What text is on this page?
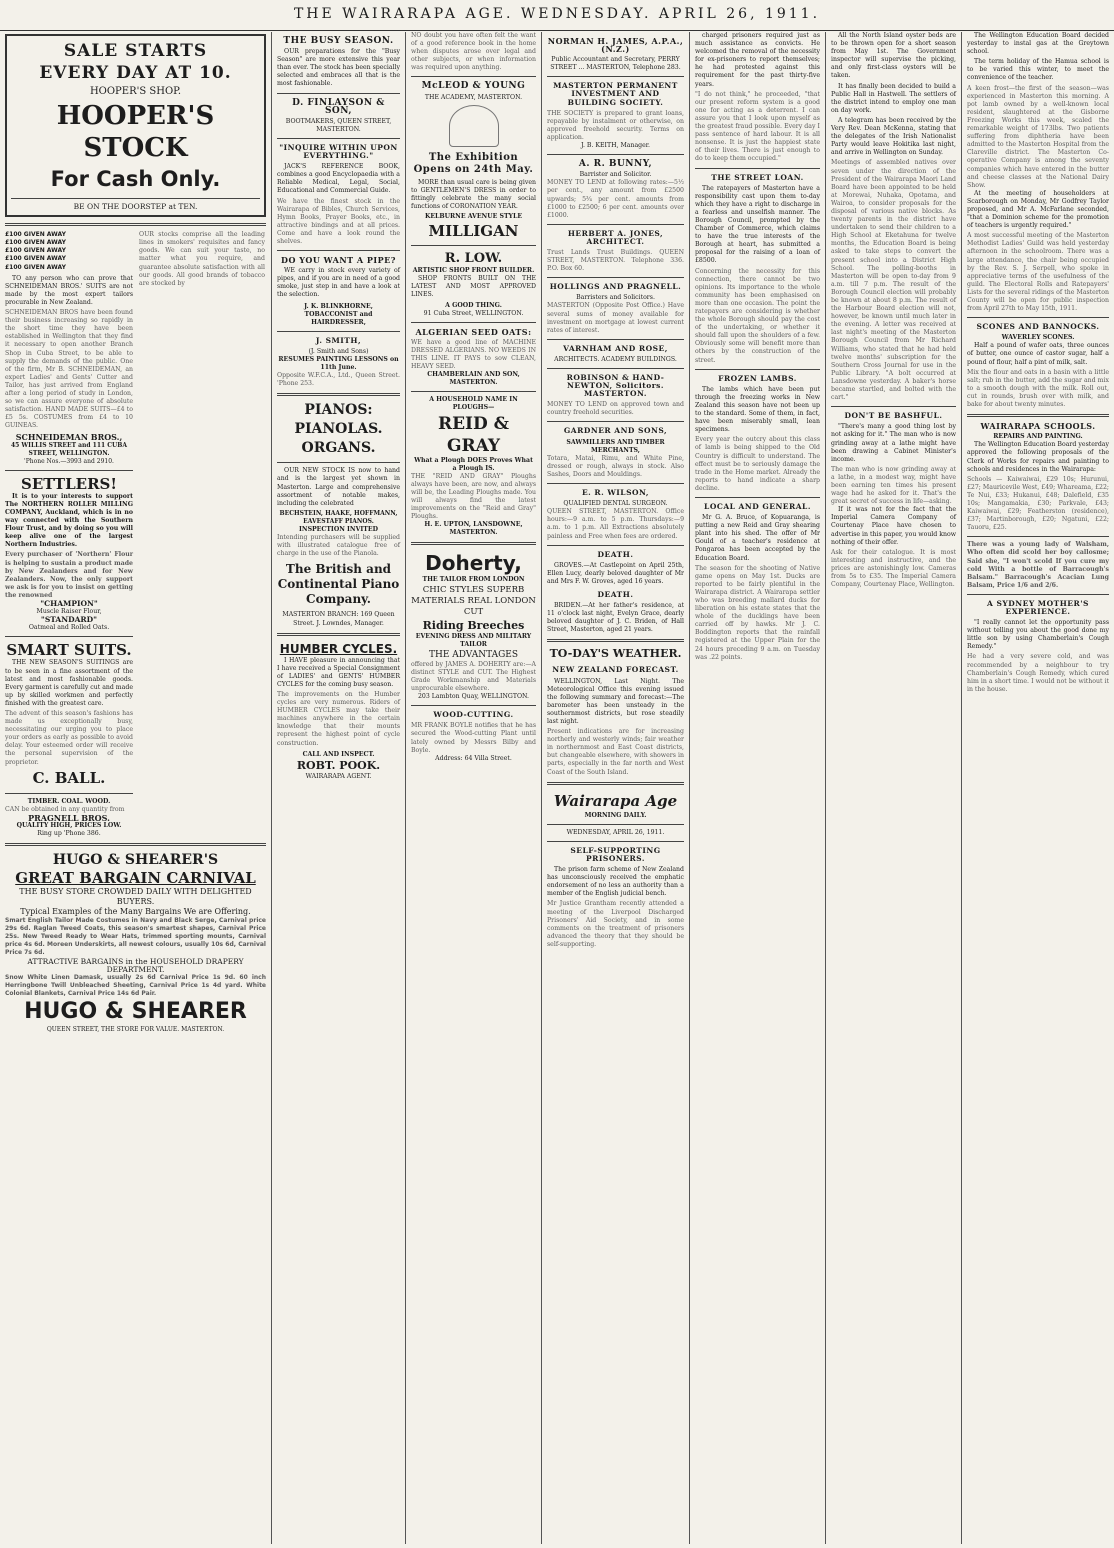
THE WAIRARAPA AGE. WEDNESDAY. APRIL 26, 1911.
SALE STARTS
EVERY DAY AT 10.
HOOPER'S SHOP.
HOOPER'S STOCK
For Cash Only.
BE ON THE DOORSTEP at TEN.
£100 GIVEN AWAY
£100 GIVEN AWAY
£100 GIVEN AWAY
£100 GIVEN AWAY
£100 GIVEN AWAY

TO any person who can prove that SCHNEIDEMAN BROS.' SUITS are not made by the most expert tailors procurable in New Zealand.

SCHNEIDEMAN BROS have been found their business increasing so rapidly in the short time they have been established in Wellington that they find it necessary to open another Branch Shop in Cuba Street, to be able to supply the demands of the public. One of the firm, Mr B. SCHNEIDEMAN, an expert Ladies' and Gents' Cutter and Tailor, has just arrived from England after a long period of study in London, so we can assure everyone of absolute satisfaction. HAND MADE SUITS—£4 to £5 5s. COSTUMES from £4 to 10 GUINEAS.
SCHNEIDEMAN BROS.,
45 WILLIS STREET and 111 CUBA STREET, WELLINGTON.
'Phone Nos.—3993 and 2910.
SETTLERS!

It is to your interests to support The NORTHERN ROLLER MILLING COMPANY, Auckland, which is in no way connected with the Southern Flour Trust, and by doing so you will keep alive one of the largest Northern Industries.

Every purchaser of 'Northern' Flour is helping to sustain a product made by New Zealanders and for New Zealanders. Now, the only support we ask is for you to insist on getting the renowned
"CHAMPION"
Muscle Raiser Flour,
"STANDARD"
Oatmeal and Rolled Oats.
SMART SUITS.

THE NEW SEASON'S SUITINGS are to be seen in a fine assortment of the latest and most fashionable goods. Every garment is carefully cut and made up by skilled workmen and perfectly finished with the greatest care.

The advent of this season's fashions has made us exceptionally busy, necessitating our urging you to place your orders as early as possible to avoid delay. Your esteemed order will receive the personal supervision of the proprietor.
C. BALL.
TIMBER. COAL. WOOD.
CAN be obtained in any quantity from
PRAGNELL BROS.
QUALITY HIGH, PRICES LOW.
Ring up 'Phone 386.
OUR stocks comprise all the leading lines in smokers' requisites and fancy goods. We can suit your taste, no matter what you require, and guarantee absolute satisfaction with all our goods. All good brands of tobacco are stocked by
HUGO & SHEARER'S
GREAT BARGAIN CARNIVAL
THE BUSY STORE CROWDED DAILY WITH DELIGHTED BUYERS.
Typical Examples of the Many Bargains We are Offering.
Smart English Tailor Made Costumes in Navy and Black Serge, Carnival price 29s 6d. Raglan Tweed Coats, this season's smartest shapes, Carnival Price 25s. New Tweed Ready to Wear Hats, trimmed sporting mounts, Carnival price 4s 6d. Moreen Underskirts, all newest colours, usually 10s 6d, Carnival Price 7s 6d.
ATTRACTIVE BARGAINS in the HOUSEHOLD DRAPERY DEPARTMENT.
Snow White Linen Damask, usually 2s 6d Carnival Price 1s 9d. 60 inch Herringbone Twill Unbleached Sheeting, Carnival Price 1s 4d yard. White Colonial Blankets, Carnival Price 14s 6d Pair.
HUGO & SHEARER
QUEEN STREET, THE STORE FOR VALUE. MASTERTON.
THE BUSY SEASON.

OUR preparations for the "Busy Season" are more extensive this year than ever. The stock has been specially selected and embraces all that is the most fashionable.

D. FINLAYSON & SON,
BOOTMAKERS, QUEEN STREET, MASTERTON.
"INQUIRE WITHIN UPON EVERYTHING."

JACK'S REFERENCE BOOK, combines a good Encyclopaedia with a Reliable Medical, Legal, Social, Educational and Commercial Guide.

We have the finest stock in the Wairarapa of Bibles, Church Services, Hymn Books, Prayer Books, etc., in attractive bindings and at all prices. Come and have a look round the shelves.
DO YOU WANT A PIPE?

WE carry in stock every variety of pipes, and if you are in need of a good smoke, just step in and have a look at the selection.

J. K. BLINKHORNE, TOBACCONIST and HAIRDRESSER,
J. SMITH,
(J. Smith and Sons)
RESUMES PAINTING LESSONS on 11th June.
Opposite W.F.C.A., Ltd., Queen Street. 'Phone 253.
PIANOS: PIANOLAS. ORGANS.

OUR NEW STOCK IS now to hand and is the largest yet shown in Masterton. Large and comprehensive assortment of notable makes, including the celebrated

BECHSTEIN, HAAKE, HOFFMANN, EAVESTAFF PIANOS.
INSPECTION INVITED
Intending purchasers will be supplied with illustrated catalogue free of charge in the use of the Pianola.
The British and Continental Piano Company.
MASTERTON BRANCH: 169 Queen Street. J. Lowndes, Manager.
HUMBER CYCLES.

I HAVE pleasure in announcing that I have received a Special Consignment of LADIES' and GENTS' HUMBER CYCLES for the coming busy season.

The improvements on the Humber cycles are very numerous. Riders of HUMBER CYCLES may take their machines anywhere in the certain knowledge that their mounts represent the highest point of cycle construction.
CALL AND INSPECT.
ROBT. POOK.
WAIRARAPA AGENT.
NO doubt you have often felt the want of a good reference book in the home when disputes arose over legal and other subjects, or when information was required upon anything.
McLEOD & YOUNG
THE ACADEMY, MASTERTON.
The Exhibition Opens on 24th May.

MORE than usual care is being given to GENTLEMEN'S DRESS in order to fittingly celebrate the many social functions of CORONATION YEAR.

KELBURNE AVENUE STYLE
MILLIGAN
R. LOW.
ARTISTIC SHOP FRONT BUILDER.

SHOP FRONTS BUILT ON THE LATEST AND MOST APPROVED LINES.

A GOOD THING.
91 Cuba Street, WELLINGTON.
ALGERIAN SEED OATS:
WE have a good line of MACHINE DRESSED ALGERIANS. NO WEEDS IN THIS LINE. IT PAYS to sow CLEAN, HEAVY SEED.
CHAMBERLAIN AND SON, MASTERTON.
A HOUSEHOLD NAME IN PLOUGHS—
REID & GRAY
What a Plough DOES Proves What a Plough IS.
THE "REID AND GRAY" Ploughs always have been, are now, and always will be, the Leading Ploughs made. You will always find the latest improvements on the "Reid and Gray" Ploughs.
H. E. UPTON, LANSDOWNE, MASTERTON.
Doherty,
THE TAILOR FROM LONDON
CHIC STYLES SUPERB MATERIALS REAL LONDON CUT
Riding Breeches
EVENING DRESS AND MILITARY TAILOR
THE ADVANTAGES
offered by JAMES A. DOHERTY are:—A distinct STYLE and CUT. The Highest Grade Workmanship and Materials unprocurable elsewhere.
203 Lambton Quay, WELLINGTON.
WOOD-CUTTING.
MR FRANK BOYLE notifies that he has secured the Wood-cutting Plant until lately owned by Messrs Bilby and Boyle.
Address: 64 Villa Street.
NORMAN H. JAMES, A.P.A., (N.Z.)
Public Accountant and Secretary, PERRY STREET ... MASTERTON, Telephone 283.
MASTERTON PERMANENT INVESTMENT AND BUILDING SOCIETY.
THE SOCIETY is prepared to grant loans, repayable by instalment or otherwise, on approved freehold security. Terms on application.
J. B. KEITH, Manager.
A. R. BUNNY,
Barrister and Solicitor.
MONEY TO LEND at following rates:—5½ per cent., any amount from £2500 upwards; 5¾ per cent. amounts from £1000 to £2500; 6 per cent. amounts over £1000.
HERBERT A. JONES, ARCHITECT.
Trust Lands Trust Buildings. QUEEN STREET, MASTERTON. Telephone 336. P.O. Box 60.
HOLLINGS AND PRAGNELL.
Barristers and Solicitors.
MASTERTON (Opposite Post Office.) Have several sums of money available for investment on mortgage at lowest current rates of interest.
VARNHAM AND ROSE,
ARCHITECTS. ACADEMY BUILDINGS.
ROBINSON & HAND-NEWTON, Solicitors. MASTERTON.
MONEY TO LEND on approved town and country freehold securities.
GARDNER AND SONS,
SAWMILLERS AND TIMBER MERCHANTS,
Totara, Matai, Rimu, and White Pine, dressed or rough, always in stock. Also Sashes, Doors and Mouldings.
E. R. WILSON,
QUALIFIED DENTAL SURGEON.
QUEEN STREET, MASTERTON. Office hours:—9 a.m. to 5 p.m. Thursdays:—9 a.m. to 1 p.m. All Extractions absolutely painless and Free when fees are ordered.
DEATH.

GROVES.—At Castlepoint on April 25th, Ellen Lucy, dearly beloved daughter of Mr and Mrs F. W. Groves, aged 16 years.

DEATH.

BRIDEN.—At her father's residence, at 11 o'clock last night, Evelyn Grace, dearly beloved daughter of J. C. Briden, of Hall Street, Masterton, aged 21 years.

TO-DAY'S WEATHER.
NEW ZEALAND FORECAST.

WELLINGTON, Last Night. The Meteorological Office this evening issued the following summary and forecast:—The barometer has been unsteady in the southernmost districts, but rose steadily last night.

Present indications are for increasing northerly and westerly winds; fair weather in northernmost and East Coast districts, but changeable elsewhere, with showers in parts, especially in the far north and West Coast of the South Island.
Wairarapa Age
MORNING DAILY.
WEDNESDAY, APRIL 26, 1911.
SELF-SUPPORTING PRISONERS.

The prison farm scheme of New Zealand has unconsciously received the emphatic endorsement of no less an authority than a member of the English judicial bench.

Mr Justice Grantham recently attended a meeting of the Liverpool Discharged Prisoners' Aid Society, and in some comments on the treatment of prisoners advanced the theory that they should be self-supporting.

charged prisoners required just as much assistance as convicts. He welcomed the removal of the necessity for ex-prisoners to report themselves; he had protested against this requirement for the past thirty-five years.

"I do not think," he proceeded, "that our present reform system is a good one for acting as a deterrent. I can assure you that I look upon myself as the greatest fraud possible. Every day I pass sentence of hard labour. It is all nonsense. It is just the happiest state of their lives. There is just enough to do to keep them occupied."
THE STREET LOAN.

The ratepayers of Masterton have a responsibility cast upon them to-day which they have a right to discharge in a fearless and unselfish manner. The Borough Council, prompted by the Chamber of Commerce, which claims to have the true interests of the Borough at heart, has submitted a proposal for the raising of a loan of £8500.

Concerning the necessity for this connection, there cannot be two opinions. Its importance to the whole community has been emphasised on more than one occasion. The point the ratepayers are considering is whether the whole Borough should pay the cost of the undertaking, or whether it should fall upon the shoulders of a few. Obviously some will benefit more than others by the construction of the street.
FROZEN LAMBS.

The lambs which have been put through the freezing works in New Zealand this season have not been up to the standard. Some of them, in fact, have been miserably small, lean specimens.

Every year the outcry about this class of lamb is being shipped to the Old Country is difficult to understand. The effect must be to seriously damage the trade in the Home market. Already the reports to hand indicate a sharp decline.
LOCAL AND GENERAL.

Mr G. A. Bruce, of Kopuaranga, is putting a new Reid and Gray shearing plant into his shed. The offer of Mr Gould of a teacher's residence at Pongaroa has been accepted by the Education Board.

The season for the shooting of Native game opens on May 1st. Ducks are reported to be fairly plentiful in the Wairarapa district. A Wairarapa settler who was breeding mallard ducks for liberation on his estate states that the whole of the ducklings have been carried off by hawks. Mr J. C. Boddington reports that the rainfall registered at the Upper Plain for the 24 hours preceding 9 a.m. on Tuesday was .22 points.

All the North Island oyster beds are to be thrown open for a short season from May 1st. The Government inspector will supervise the picking, and only first-class oysters will be taken.

It has finally been decided to build a Public Hall in Hastwell. The settlers of the district intend to employ one man on day work.

A telegram has been received by the Very Rev. Dean McKenna, stating that the delegates of the Irish Nationalist Party would leave Hokitika last night, and arrive in Wellington on Sunday.

Meetings of assembled natives over seven under the direction of the President of the Wairarapa Maori Land Board have been appointed to be held at Morewai, Nuhaka, Opotama, and Wairoa, to consider proposals for the disposal of various native blocks. As twenty parents in the district have undertaken to send their children to a High School at Eketahuna for twelve months, the Education Board is being asked to take steps to convert the present school into a District High School. The polling-booths in Masterton will be open to-day from 9 a.m. till 7 p.m. The result of the Borough Council election will probably be known at about 8 p.m. The result of the Harbour Board election will not, however, be known until much later in the evening. A letter was received at last night's meeting of the Masterton Borough Council from Mr Richard Williams, who stated that he had held twelve months' subscription for the Southern Cross Journal for use in the Public Library. "A bolt occurred at Lansdowne yesterday. A baker's horse became startled, and bolted with the cart."
DON'T BE BASHFUL.

"There's many a good thing lost by not asking for it." The man who is now grinding away at a lathe might have been drawing a Cabinet Minister's income.

The man who is now grinding away at a lathe, in a modest way, might have been earning ten times his present wage had he asked for it. That's the great secret of success in life—asking.

If it was not for the fact that the Imperial Camera Company of Courtenay Place have chosen to advertise in this paper, you would know nothing of their offer.

Ask for their catalogue. It is most interesting and instructive, and the prices are astonishingly low. Cameras from 5s to £35. The Imperial Camera Company, Courtenay Place, Wellington.

The Wellington Education Board decided yesterday to instal gas at the Greytown school.

The term holiday of the Hamua school is to be varied this winter, to meet the convenience of the teacher.

A keen frost—the first of the season—was experienced in Masterton this morning. A pot lamb owned by a well-known local resident, slaughtered at the Gisborne Freezing Works this week, scaled the remarkable weight of 173lbs. Two patients suffering from diphtheria have been admitted to the Masterton Hospital from the Clareville district. The Masterton Co-operative Company is among the seventy companies which have entered in the butter and cheese classes at the National Dairy Show.

At the meeting of householders at Scarborough on Monday, Mr Godfrey Taylor proposed, and Mr A. McFarlane seconded, "that a Dominion scheme for the promotion of teachers is urgently required."

A most successful meeting of the Masterton Methodist Ladies' Guild was held yesterday afternoon in the schoolroom. There was a large attendance, the chair being occupied by the Rev. S. J. Serpell, who spoke in appreciative terms of the usefulness of the guild. The Electoral Rolls and Ratepayers' Lists for the several ridings of the Masterton County will be open for public inspection from April 27th to May 15th, 1911.
SCONES AND BANNOCKS.
WAVERLEY SCONES.

Half a pound of wafer oats, three ounces of butter, one ounce of castor sugar, half a pound of flour, half a pint of milk, salt.

Mix the flour and oats in a basin with a little salt; rub in the butter, add the sugar and mix to a smooth dough with the milk. Roll out, cut in rounds, brush over with milk, and bake for about twenty minutes.
WAIRARAPA SCHOOLS.
REPAIRS AND PAINTING.

The Wellington Education Board yesterday approved the following proposals of the Clerk of Works for repairs and painting to schools and residences in the Wairarapa:

Schools — Kaiwaiwai, £29 10s; Hurunui, £27; Mauricevile West, £49; Whareama, £22; Te Nui, £33; Hukanui, £48; Dalefield, £35 10s; Mangamakia, £30; Parkvale, £43; Kaiwaiwai, £29; Featherston (residence), £37; Martinborough, £20; Ngatuni, £22; Tauoru, £25.
There was a young lady of Walsham, Who often did scold her boy callosme; Said she, "I won't scold If you cure my cold With a bottle of Barracough's Balsam." Barracough's Acacian Lung Balsam, Price 1/6 and 2/6.
A SYDNEY MOTHER'S EXPERIENCE.

"I really cannot let the opportunity pass without telling you about the good done my little son by using Chamberlain's Cough Remedy."

He had a very severe cold, and was recommended by a neighbour to try Chamberlain's Cough Remedy, which cured him in a short time. I would not be without it in the house.
